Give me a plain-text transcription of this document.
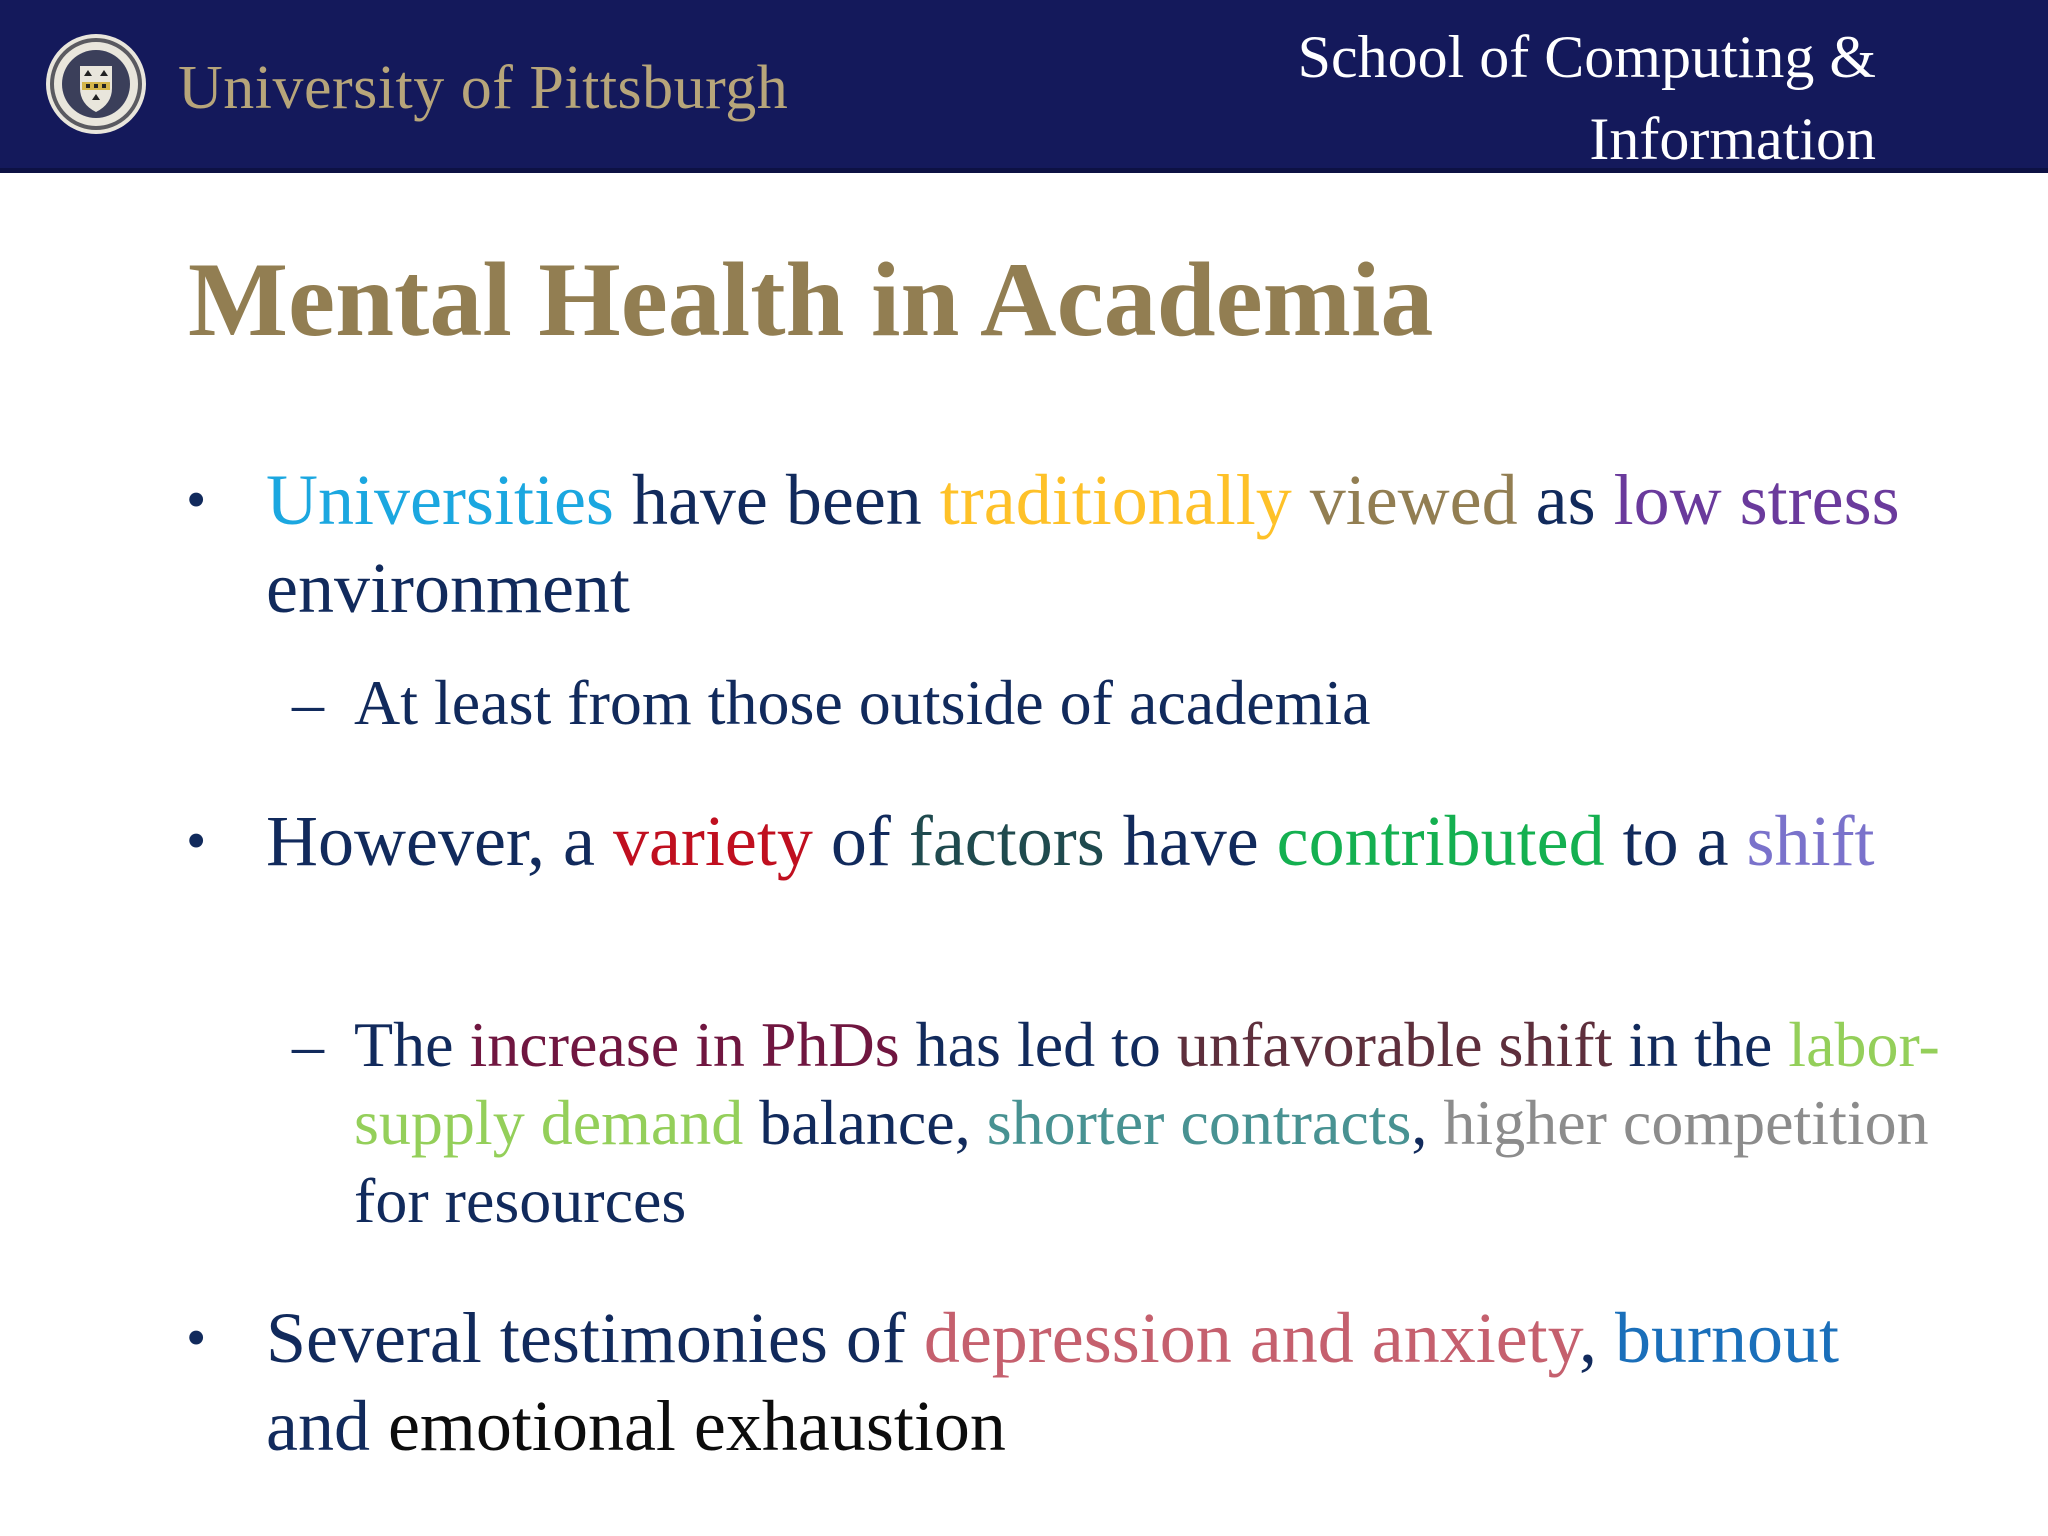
University of Pittsburgh	School of Computing &
Information
Mental Health in Academia
• Universities have been traditionally viewed as low stress environment
– At least from those outside of academia
• However, a variety of factors have contributed to a shift
– The increase in PhDs has led to unfavorable shift in the labor-supply demand balance, shorter contracts, higher competition for resources
• Several testimonies of depression and anxiety, burnout and emotional exhaustion
